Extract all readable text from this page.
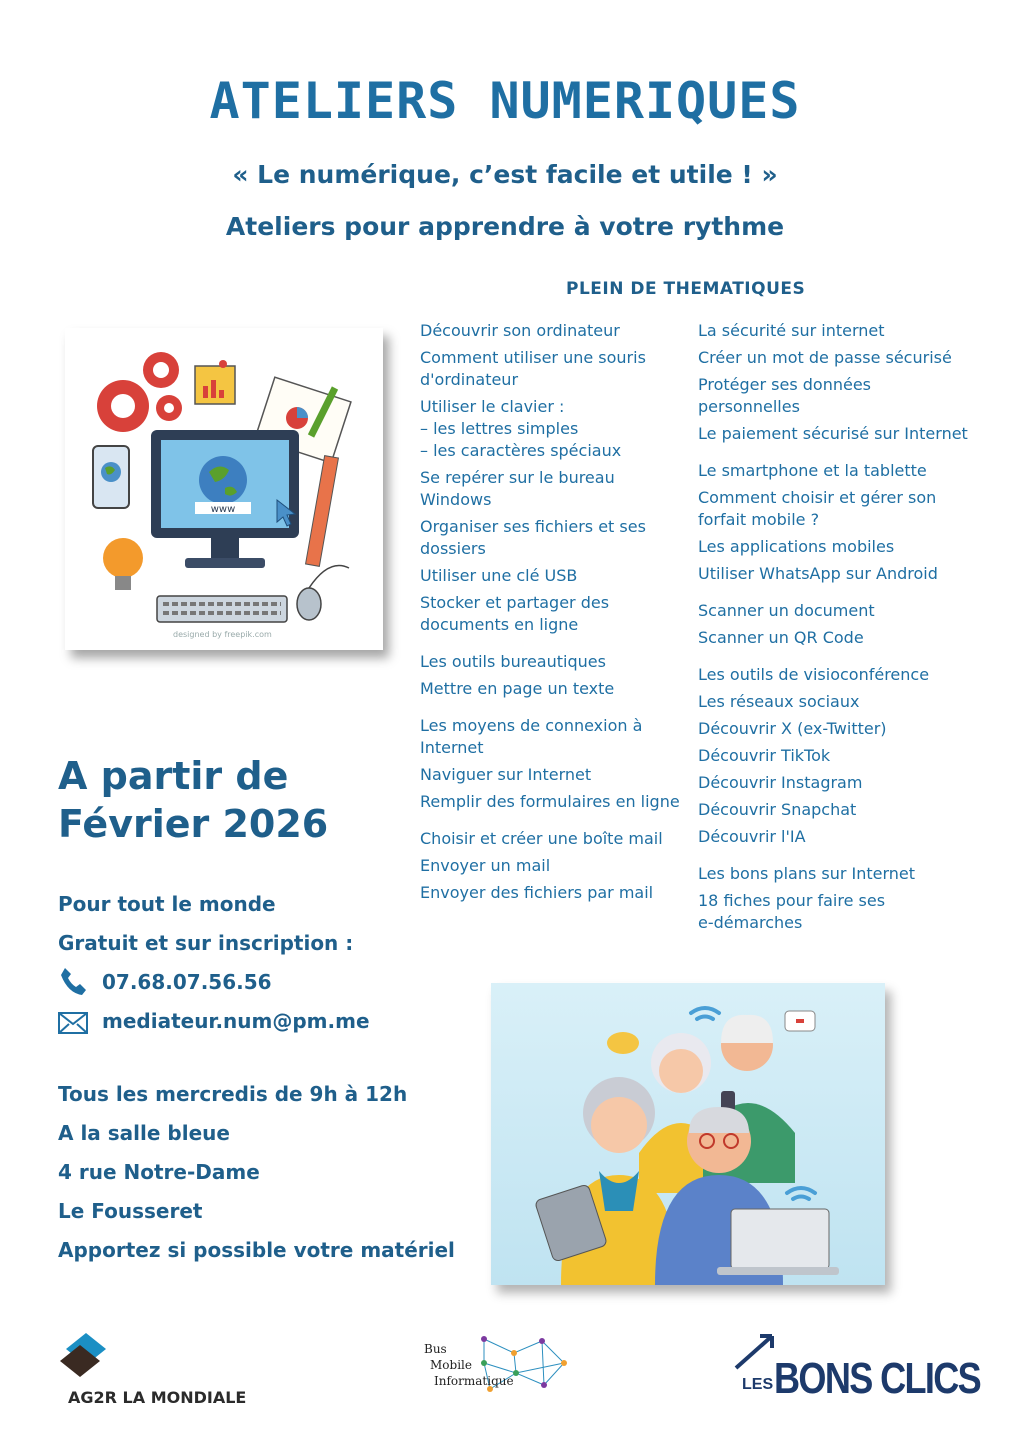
ATELIERS NUMERIQUES

« Le numérique, c’est facile et utile ! »

Ateliers pour apprendre à votre rythme

PLEIN DE THEMATIQUES

Découvrir son ordinateur
Comment utiliser une souris
d'ordinateur
Utiliser le clavier :
– les lettres simples
– les caractères spéciaux
Se repérer sur le bureau
Windows
Organiser ses fichiers et ses
dossiers
Utiliser une clé USB
Stocker et partager des
documents en ligne
Les outils bureautiques
Mettre en page un texte
Les moyens de connexion à
Internet
Naviguer sur Internet
Remplir des formulaires en ligne
Choisir et créer une boîte mail
Envoyer un mail
Envoyer des fichiers par mail
La sécurité sur internet
Créer un mot de passe sécurisé
Protéger ses données
personnelles
Le paiement sécurisé sur Internet
Le smartphone et la tablette
Comment choisir et gérer son
forfait mobile ?
Les applications mobiles
Utiliser WhatsApp sur Android
Scanner un document
Scanner un QR Code
Les outils de visioconférence
Les réseaux sociaux
Découvrir X (ex-Twitter)
Découvrir TikTok
Découvrir Instagram
Découvrir Snapchat
Découvrir l'IA
Les bons plans sur Internet
18 fiches pour faire ses
e-démarches
www
designed by freepik.com
A partir de
Février 2026

Pour tout le monde

Gratuit et sur inscription :

07.68.07.56.56
mediateur.num@pm.me

Tous les mercredis de 9h à 12h

A la salle bleue

4 rue Notre-Dame

Le Fousseret

Apportez si possible votre matériel

AG2R LA MONDIALE
Bus
Mobile
Informatique	LES BONS CLICS
